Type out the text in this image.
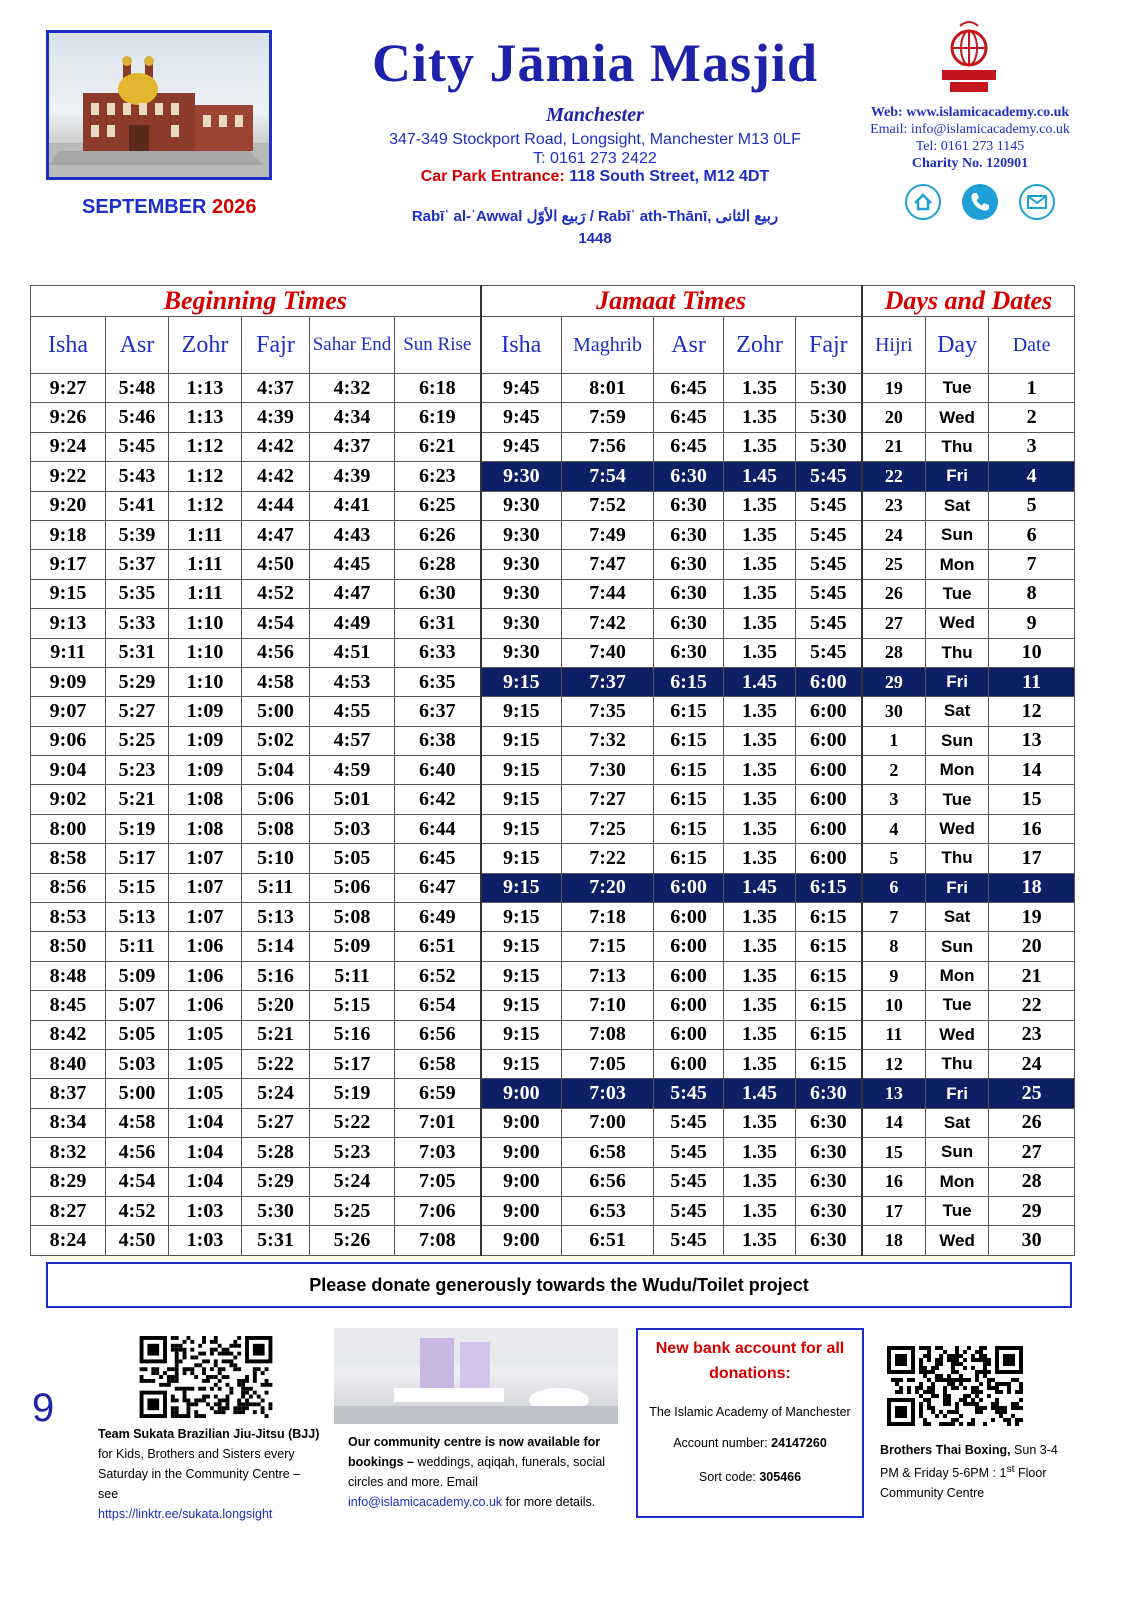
SEPTEMBER 2026
City Jāmia Masjid
Manchester
347-349 Stockport Road, Longsight, Manchester M13 0LF
T: 0161 273 2422
Car Park Entrance: 118 South Street, M12 4DT
Rabīʿ al-ʾAwwal رَبيع الأوّل / Rabīʿ ath-Thānī, ربيع الثانى
1448
Web: www.islamicacademy.co.uk
Email: info@islamicacademy.co.uk
Tel: 0161 273 1145
Charity No. 120901
Beginning Times						Jamaat Times					Days and Dates		
Isha	Asr	Zohr	Fajr	Sahar End	Sun Rise	Isha	Maghrib	Asr	Zohr	Fajr	Hijri	Day	Date
9:27	5:48	1:13	4:37	4:32	6:18	9:45	8:01	6:45	1.35	5:30	19	Tue	1
9:26	5:46	1:13	4:39	4:34	6:19	9:45	7:59	6:45	1.35	5:30	20	Wed	2
9:24	5:45	1:12	4:42	4:37	6:21	9:45	7:56	6:45	1.35	5:30	21	Thu	3
9:22	5:43	1:12	4:42	4:39	6:23	9:30	7:54	6:30	1.45	5:45	22	Fri	4
9:20	5:41	1:12	4:44	4:41	6:25	9:30	7:52	6:30	1.35	5:45	23	Sat	5
9:18	5:39	1:11	4:47	4:43	6:26	9:30	7:49	6:30	1.35	5:45	24	Sun	6
9:17	5:37	1:11	4:50	4:45	6:28	9:30	7:47	6:30	1.35	5:45	25	Mon	7
9:15	5:35	1:11	4:52	4:47	6:30	9:30	7:44	6:30	1.35	5:45	26	Tue	8
9:13	5:33	1:10	4:54	4:49	6:31	9:30	7:42	6:30	1.35	5:45	27	Wed	9
9:11	5:31	1:10	4:56	4:51	6:33	9:30	7:40	6:30	1.35	5:45	28	Thu	10
9:09	5:29	1:10	4:58	4:53	6:35	9:15	7:37	6:15	1.45	6:00	29	Fri	11
9:07	5:27	1:09	5:00	4:55	6:37	9:15	7:35	6:15	1.35	6:00	30	Sat	12
9:06	5:25	1:09	5:02	4:57	6:38	9:15	7:32	6:15	1.35	6:00	1	Sun	13
9:04	5:23	1:09	5:04	4:59	6:40	9:15	7:30	6:15	1.35	6:00	2	Mon	14
9:02	5:21	1:08	5:06	5:01	6:42	9:15	7:27	6:15	1.35	6:00	3	Tue	15
8:00	5:19	1:08	5:08	5:03	6:44	9:15	7:25	6:15	1.35	6:00	4	Wed	16
8:58	5:17	1:07	5:10	5:05	6:45	9:15	7:22	6:15	1.35	6:00	5	Thu	17
8:56	5:15	1:07	5:11	5:06	6:47	9:15	7:20	6:00	1.45	6:15	6	Fri	18
8:53	5:13	1:07	5:13	5:08	6:49	9:15	7:18	6:00	1.35	6:15	7	Sat	19
8:50	5:11	1:06	5:14	5:09	6:51	9:15	7:15	6:00	1.35	6:15	8	Sun	20
8:48	5:09	1:06	5:16	5:11	6:52	9:15	7:13	6:00	1.35	6:15	9	Mon	21
8:45	5:07	1:06	5:20	5:15	6:54	9:15	7:10	6:00	1.35	6:15	10	Tue	22
8:42	5:05	1:05	5:21	5:16	6:56	9:15	7:08	6:00	1.35	6:15	11	Wed	23
8:40	5:03	1:05	5:22	5:17	6:58	9:15	7:05	6:00	1.35	6:15	12	Thu	24
8:37	5:00	1:05	5:24	5:19	6:59	9:00	7:03	5:45	1.45	6:30	13	Fri	25
8:34	4:58	1:04	5:27	5:22	7:01	9:00	7:00	5:45	1.35	6:30	14	Sat	26
8:32	4:56	1:04	5:28	5:23	7:03	9:00	6:58	5:45	1.35	6:30	15	Sun	27
8:29	4:54	1:04	5:29	5:24	7:05	9:00	6:56	5:45	1.35	6:30	16	Mon	28
8:27	4:52	1:03	5:30	5:25	7:06	9:00	6:53	5:45	1.35	6:30	17	Tue	29
8:24	4:50	1:03	5:31	5:26	7:08	9:00	6:51	5:45	1.35	6:30	18	Wed	30
Please donate generously towards the Wudu/Toilet project
9
Team Sukata Brazilian Jiu-Jitsu (BJJ) for Kids, Brothers and Sisters every Saturday in the Community Centre – see
https://linktr.ee/sukata.longsight
Our community centre is now available for bookings – weddings, aqiqah, funerals, social circles and more. Email info@islamicacademy.co.uk for more details.
New bank account for all donations:
The Islamic Academy of Manchester
Account number: 24147260
Sort code: 305466
Brothers Thai Boxing, Sun 3-4 PM & Friday 5-6PM : 1st Floor Community Centre
